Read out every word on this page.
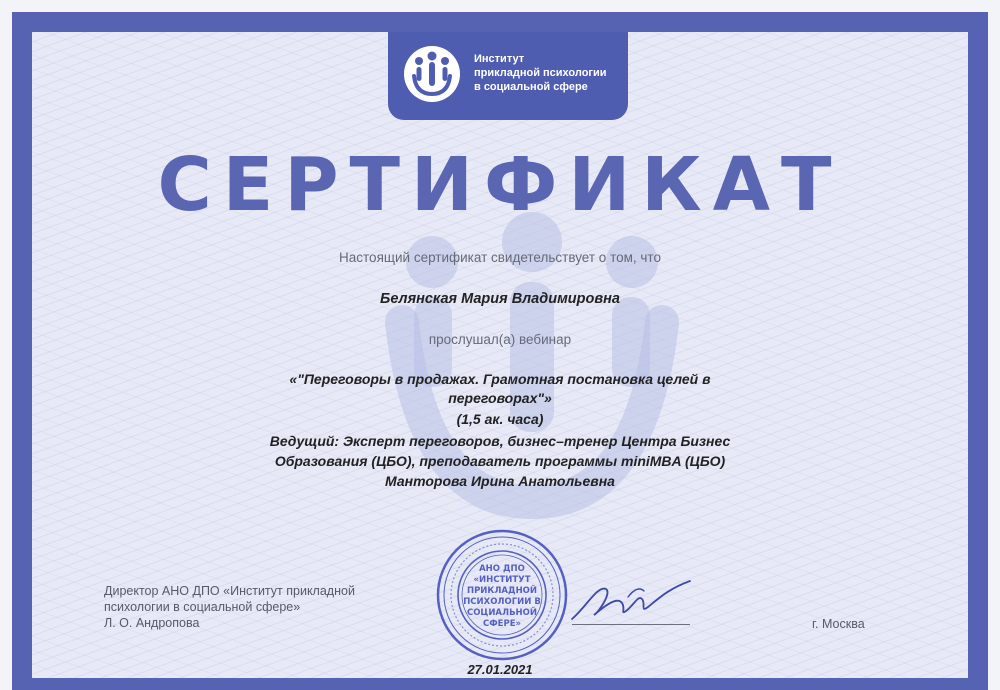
Институт
прикладной психологии
в социальной сфере
СЕРТИФИКАТ
Настоящий сертификат свидетельствует о том, что
Белянская Мария Владимировна
прослушал(а) вебинар
«"Переговоры в продажах. Грамотная постановка целей в переговорах"»
(1,5 ак. часа)
Ведущий: Эксперт переговоров, бизнес–тренер Центра Бизнес
Образования (ЦБО), преподаватель программы miniMBA (ЦБО)
Манторова Ирина Анатольевна
Директор АНО ДПО «Институт прикладной
психологии в социальной сфере»
Л. О. Андропова
АНО ДПО
«ИНСТИТУТ
ПРИКЛАДНОЙ
ПСИХОЛОГИИ В
СОЦИАЛЬНОЙ
СФЕРЕ»	г. Москва
27.01.2021
